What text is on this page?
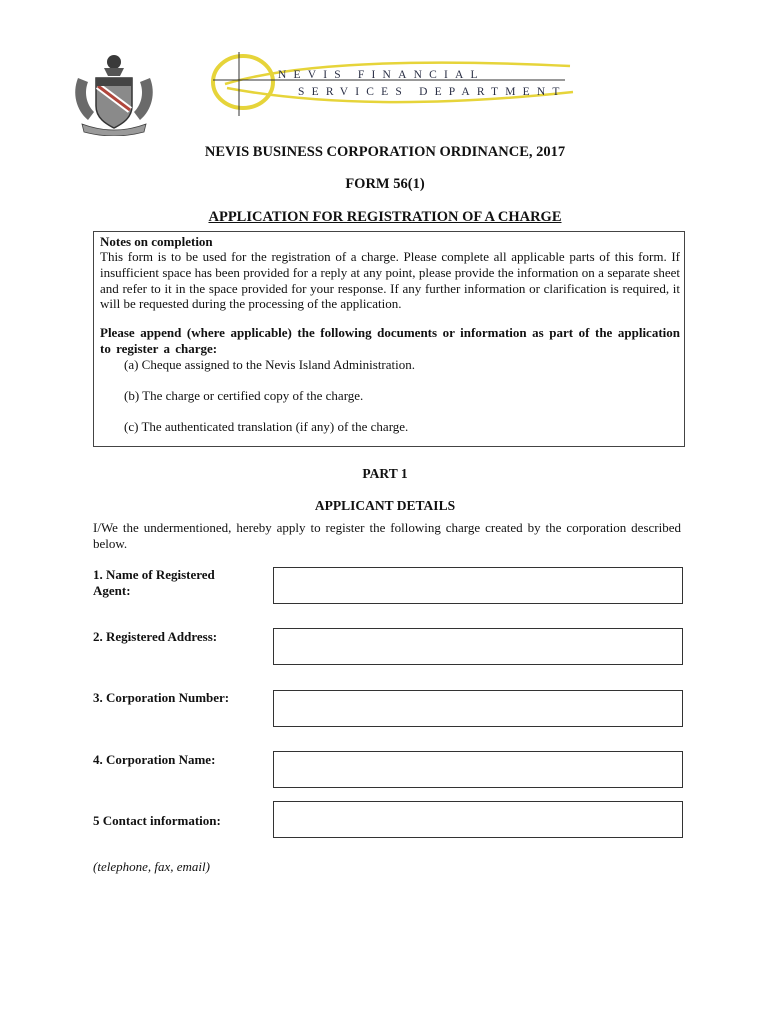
NEVIS FINANCIAL
SERVICES DEPARTMENT
NEVIS BUSINESS CORPORATION ORDINANCE, 2017
FORM 56(1)
APPLICATION FOR REGISTRATION OF A CHARGE
Notes on completion
This form is to be used for the registration of a charge. Please complete all applicable parts of this form. If insufficient space has been provided for a reply at any point, please provide the information on a separate sheet and refer to it in the space provided for your response. If any further information or clarification is required, it will be requested during the processing of the application.
Please append (where applicable) the following documents or information as part of the application to register a charge:
(a) Cheque assigned to the Nevis Island Administration.
(b) The charge or certified copy of the charge.
(c) The authenticated translation (if any) of the charge.
PART 1
APPLICANT DETAILS
I/We the undermentioned, hereby apply to register the following charge created by the corporation described below.
1. Name of Registered Agent:
2. Registered Address:
3. Corporation Number:
4. Corporation Name:
5 Contact information:
(telephone, fax, email)
